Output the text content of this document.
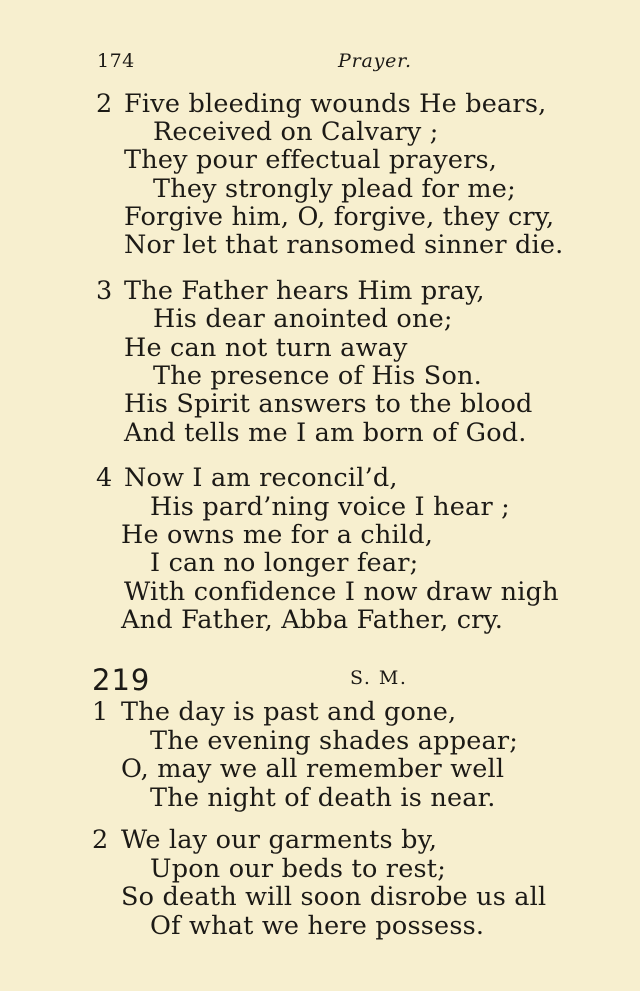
174	Prayer.
2 Five bleeding wounds He bears,
Received on Calvary ;
They pour effectual prayers,
They strongly plead for me;
Forgive him, O, forgive, they cry,
Nor let that ransomed sinner die.
3 The Father hears Him pray,
His dear anointed one;
He can not turn away
The presence of His Son.
His Spirit answers to the blood
And tells me I am born of God.
4 Now I am reconcil’d,
His pard’ning voice I hear ;
He owns me for a child,
I can no longer fear;
With confidence I now draw nigh
And Father, Abba Father, cry.
219	S. M.
1 The day is past and gone,
The evening shades appear;
O, may we all remember well
The night of death is near.
2 We lay our garments by,
Upon our beds to rest;
So death will soon disrobe us all
Of what we here possess.
